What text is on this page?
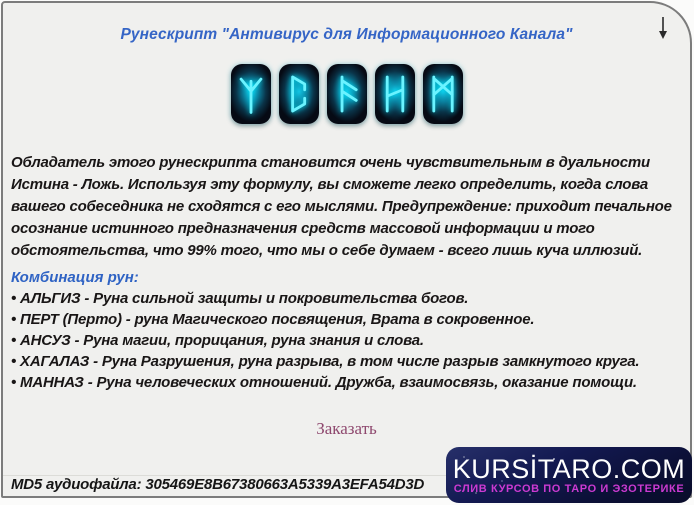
Рунескрипт "Антивирус для Информационного Канала"
Обладатель этого рунескрипта становится очень чувствительным в дуальности Истина - Ложь. Используя эту формулу, вы сможете легко определить, когда слова вашего собеседника не сходятся с его мыслями. Предупреждение: приходит печальное осознание истинного предназначения средств массовой информации и того обстоятельства, что 99% того, что мы о себе думаем - всего лишь куча иллюзий.
Комбинация рун:
• АЛЬГИЗ - Руна сильной защиты и покровительства богов.
• ПЕРТ (Перто) - руна Магического посвящения, Врата в сокровенное.
• АНСУЗ - Руна магии, прорицания, руна знания и слова.
• ХАГАЛАЗ - Руна Разрушения, руна разрыва, в том числе разрыв замкнутого круга.
• МАННАЗ - Руна человеческих отношений. Дружба, взаимосвязь, оказание помощи.
Заказать
MD5 аудиофайла: 305469E8B67380663A5339A3EFA54D3D
KURSİTARO.COM
СЛИВ КУРСОВ ПО ТАРО И ЭЗОТЕРИКЕ
